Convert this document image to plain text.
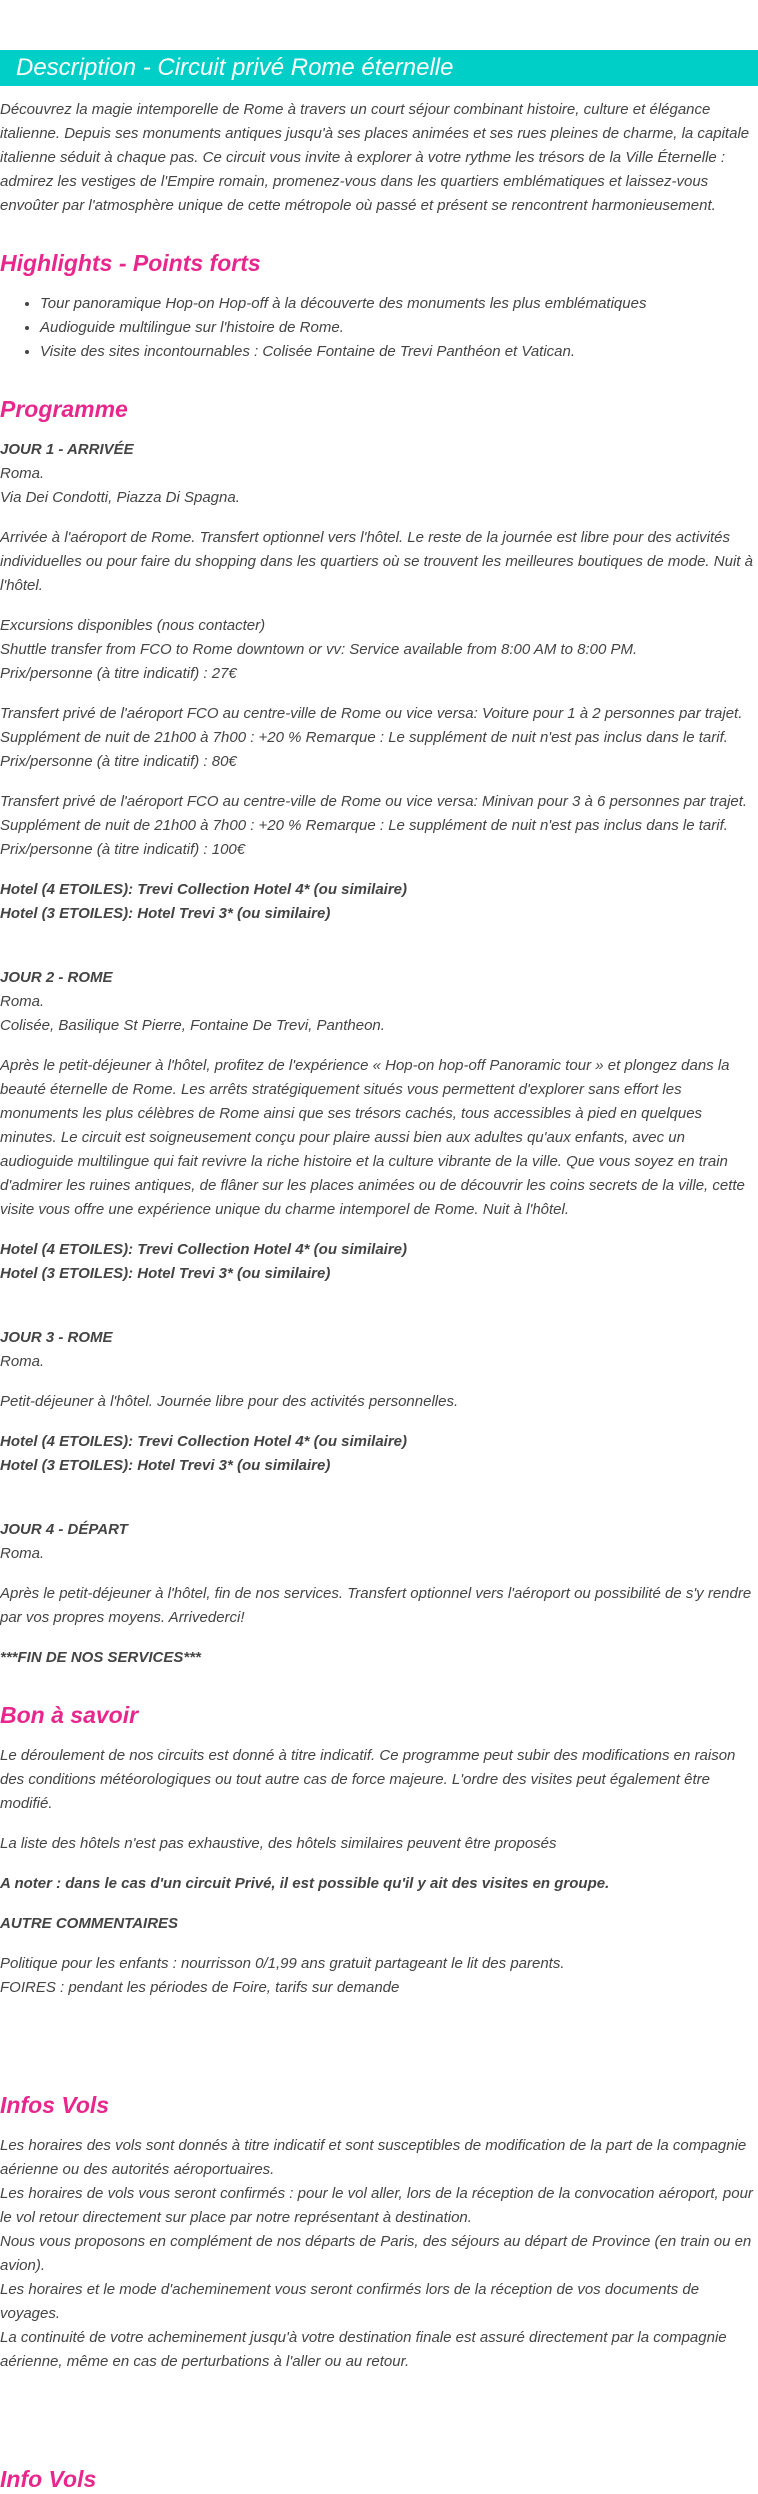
Description - Circuit privé Rome éternelle

Découvrez la magie intemporelle de Rome à travers un court séjour combinant histoire, culture et élégance italienne. Depuis ses monuments antiques jusqu'à ses places animées et ses rues pleines de charme, la capitale italienne séduit à chaque pas. Ce circuit vous invite à explorer à votre rythme les trésors de la Ville Éternelle : admirez les vestiges de l'Empire romain, promenez-vous dans les quartiers emblématiques et laissez-vous envoûter par l'atmosphère unique de cette métropole où passé et présent se rencontrent harmonieusement.

Highlights - Points forts
• Tour panoramique Hop-on Hop-off à la découverte des monuments les plus emblématiques
• Audioguide multilingue sur l'histoire de Rome.
• Visite des sites incontournables : Colisée Fontaine de Trevi Panthéon et Vatican.
Programme
JOUR 1 - ARRIVÉE
Roma.
Via Dei Condotti, Piazza Di Spagna.

Arrivée à l'aéroport de Rome. Transfert optionnel vers l'hôtel. Le reste de la journée est libre pour des activités individuelles ou pour faire du shopping dans les quartiers où se trouvent les meilleures boutiques de mode. Nuit à l'hôtel.

Excursions disponibles (nous contacter)
Shuttle transfer from FCO to Rome downtown or vv: Service available from 8:00 AM to 8:00 PM.

Prix/personne (à titre indicatif) : 27€

Transfert privé de l'aéroport FCO au centre-ville de Rome ou vice versa: Voiture pour 1 à 2 personnes par trajet.
Supplément de nuit de 21h00 à 7h00 : +20 % Remarque : Le supplément de nuit n'est pas inclus dans le tarif.

Prix/personne (à titre indicatif) : 80€

Transfert privé de l'aéroport FCO au centre-ville de Rome ou vice versa: Minivan pour 3 à 6 personnes par trajet.
Supplément de nuit de 21h00 à 7h00 : +20 % Remarque : Le supplément de nuit n'est pas inclus dans le tarif.

Prix/personne (à titre indicatif) : 100€

Hotel (4 ETOILES): Trevi Collection Hotel 4* (ou similaire)
Hotel (3 ETOILES): Hotel Trevi 3* (ou similaire)
JOUR 2 - ROME
Roma.
Colisée, Basilique St Pierre, Fontaine De Trevi, Pantheon.

Après le petit-déjeuner à l'hôtel, profitez de l'expérience « Hop-on hop-off Panoramic tour » et plongez dans la beauté éternelle de Rome. Les arrêts stratégiquement situés vous permettent d'explorer sans effort les monuments les plus célèbres de Rome ainsi que ses trésors cachés, tous accessibles à pied en quelques minutes. Le circuit est soigneusement conçu pour plaire aussi bien aux adultes qu'aux enfants, avec un audioguide multilingue qui fait revivre la riche histoire et la culture vibrante de la ville. Que vous soyez en train d'admirer les ruines antiques, de flâner sur les places animées ou de découvrir les coins secrets de la ville, cette visite vous offre une expérience unique du charme intemporel de Rome. Nuit à l'hôtel.

Hotel (4 ETOILES): Trevi Collection Hotel 4* (ou similaire)
Hotel (3 ETOILES): Hotel Trevi 3* (ou similaire)
JOUR 3 - ROME
Roma.

Petit-déjeuner à l'hôtel. Journée libre pour des activités personnelles.

Hotel (4 ETOILES): Trevi Collection Hotel 4* (ou similaire)
Hotel (3 ETOILES): Hotel Trevi 3* (ou similaire)
JOUR 4 - DÉPART
Roma.

Après le petit-déjeuner à l'hôtel, fin de nos services. Transfert optionnel vers l'aéroport ou possibilité de s'y rendre par vos propres moyens. Arrivederci!

***FIN DE NOS SERVICES***

Bon à savoir

Le déroulement de nos circuits est donné à titre indicatif. Ce programme peut subir des modifications en raison des conditions météorologiques ou tout autre cas de force majeure. L'ordre des visites peut également être modifié.

La liste des hôtels n'est pas exhaustive, des hôtels similaires peuvent être proposés

A noter : dans le cas d'un circuit Privé, il est possible qu'il y ait des visites en groupe.

AUTRE COMMENTAIRES

Politique pour les enfants : nourrisson 0/1,99 ans gratuit partageant le lit des parents.
FOIRES : pendant les périodes de Foire, tarifs sur demande
Infos Vols
Les horaires des vols sont donnés à titre indicatif et sont susceptibles de modification de la part de la compagnie aérienne ou des autorités aéroportuaires.
Les horaires de vols vous seront confirmés : pour le vol aller, lors de la réception de la convocation aéroport, pour le vol retour directement sur place par notre représentant à destination.
Nous vous proposons en complément de nos départs de Paris, des séjours au départ de Province (en train ou en avion).
Les horaires et le mode d'acheminement vous seront confirmés lors de la réception de vos documents de voyages.
La continuité de votre acheminement jusqu'à votre destination finale est assuré directement par la compagnie aérienne, même en cas de perturbations à l'aller ou au retour.
Info Vols
